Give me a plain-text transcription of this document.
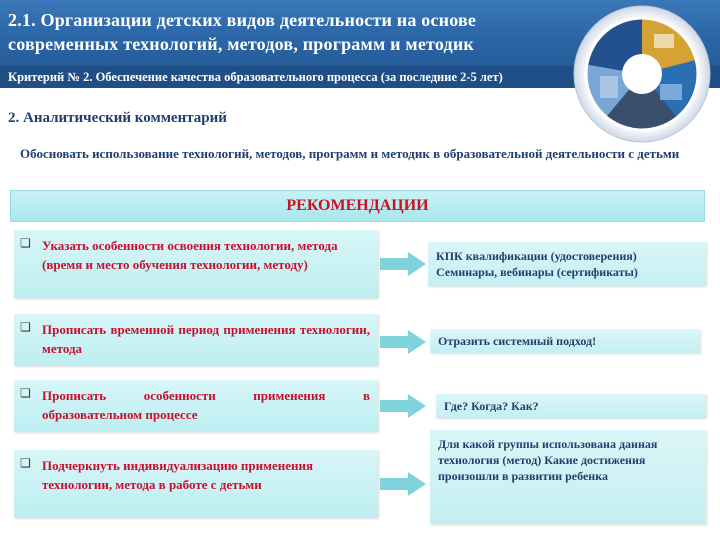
2.1. Организации детских видов деятельности на основе
современных технологий, методов, программ и методик
Критерий № 2. Обеспечение качества образовательного процесса (за последние 2-5 лет)
2. Аналитический комментарий
Обосновать использование технологий, методов, программ и методик в образовательной деятельности с детьми
РЕКОМЕНДАЦИИ
❏ Указать особенности освоения технологии, метода (время и место обучения технологии, методу)
КПК квалификации (удостоверения) Семинары, вебинары (сертификаты)
❏ Прописать временной период применения технологии, метода	Отразить системный подход!
❏ Прописать особенности применения в образовательном процессе
Где? Когда? Как?
❏ Подчеркнуть индивидуализацию применения технологии, метода в работе с детьми
Для какой группы использована данная технология (метод) Какие достижения произошли в развитии ребенка
